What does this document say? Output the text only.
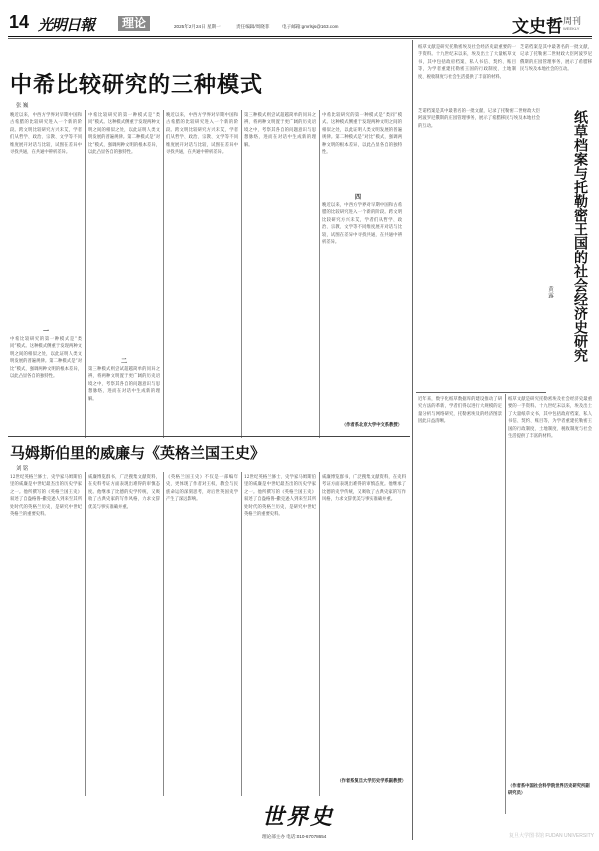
14 光明日報	理论	2025年2月24日 星期一	责任编辑/周晓菲	电子邮箱:gmrlsjs@163.com	文史哲 周刊
WEEKLY
中希比较研究的三种模式
张 巍
晚近以来，中西方学界对早期中国和古希腊的比较研究进入一个新的阶段。跨文明比较研究方兴未艾，学者们从哲学、政治、宗教、文学等不同维度展开对话与比较，试图在差异中寻找共通，在共通中辨析差异。
中希比较研究的第一种模式是“类同”模式。这种模式侧重于发现两种文明之间的相似之处，以此证明人类文明发展的普遍规律。第二种模式是“对比”模式，强调两种文明的根本差异，以此凸显各自的独特性。
一
中希比较研究的第一种模式是“类同”模式。这种模式侧重于发现两种文明之间的相似之处，以此证明人类文明发展的普遍规律。第二种模式是“对比”模式，强调两种文明的根本差异，以此凸显各自的独特性。
二
第三种模式则尝试超越简单的同异之辨，将两种文明置于更广阔的历史语境之中，考察其各自的问题意识与思想脉络，进而在对话中生成新的理解。
晚近以来，中西方学界对早期中国和古希腊的比较研究进入一个新的阶段。跨文明比较研究方兴未艾，学者们从哲学、政治、宗教、文学等不同维度展开对话与比较，试图在差异中寻找共通，在共通中辨析差异。
第三种模式则尝试超越简单的同异之辨，将两种文明置于更广阔的历史语境之中，考察其各自的问题意识与思想脉络，进而在对话中生成新的理解。
四
中希比较研究的第一种模式是“类同”模式。这种模式侧重于发现两种文明之间的相似之处，以此证明人类文明发展的普遍规律。第二种模式是“对比”模式，强调两种文明的根本差异，以此凸显各自的独特性。
晚近以来，中西方学界对早期中国和古希腊的比较研究进入一个新的阶段。跨文明比较研究方兴未艾，学者们从哲学、政治、宗教、文学等不同维度展开对话与比较，试图在差异中寻找共通，在共通中辨析差异。
（作者系北京大学中文系教授）
马姆斯伯里的威廉与《英格兰国王史》
刘 铭
12世纪英格兰修士、史学家马姆斯伯里的威廉是中世纪最杰出的历史学家之一。他所撰写的《英格兰国王史》叙述了自盎格鲁-撒克逊人到来至其所处时代的英格兰历史，是研究中世纪英格兰的重要史料。
威廉博览群书，广泛搜集文献资料，在史料考证方面表现出难得的审慎态度。他继承了比德的史学传统，又吸收了古典史家的写作风格，力求文辞优美与事实准确并重。
《英格兰国王史》不仅是一部编年史，更体现了作者对王权、教会与民族命运的深刻思考，对后世英国史学产生了深远影响。
12世纪英格兰修士、史学家马姆斯伯里的威廉是中世纪最杰出的历史学家之一。他所撰写的《英格兰国王史》叙述了自盎格鲁-撒克逊人到来至其所处时代的英格兰历史，是研究中世纪英格兰的重要史料。
威廉博览群书，广泛搜集文献资料，在史料考证方面表现出难得的审慎态度。他继承了比德的史学传统，又吸收了古典史家的写作风格，力求文辞优美与事实准确并重。
（作者系复旦大学历史学系副教授）
世界史
理论部主办 电话:010-67078654
纸草文献是研究托勒密埃及社会经济史最重要的一手资料。十九世纪末以来，埃及出土了大量纸草文书，其中包括政府档案、私人书信、契约、账目等，为学者重建托勒密王国的行政制度、土地制度、税收制度与社会生活提供了丰富的材料。
芝诺档案是其中最著名的一批文献，记录了托勒密二世财政大臣阿波罗尼俄斯的庄园管理事务，展示了希腊移民与埃及本地社会的互动。
纸草档案与托勒密王国的社会经济史研究
黄 露
芝诺档案是其中最著名的一批文献，记录了托勒密二世财政大臣阿波罗尼俄斯的庄园管理事务，展示了希腊移民与埃及本地社会的互动。
近年来，数字化纸草数据库的建设推动了研究方法的革新，学者们得以进行大规模的定量分析与网络研究，托勒密埃及的经济图景因此日益清晰。
纸草文献是研究托勒密埃及社会经济史最重要的一手资料。十九世纪末以来，埃及出土了大量纸草文书，其中包括政府档案、私人书信、契约、账目等，为学者重建托勒密王国的行政制度、土地制度、税收制度与社会生活提供了丰富的材料。
（作者系中国社会科学院世界历史研究所副研究员）
复旦大学图书馆 FUDAN UNIVERSITY
